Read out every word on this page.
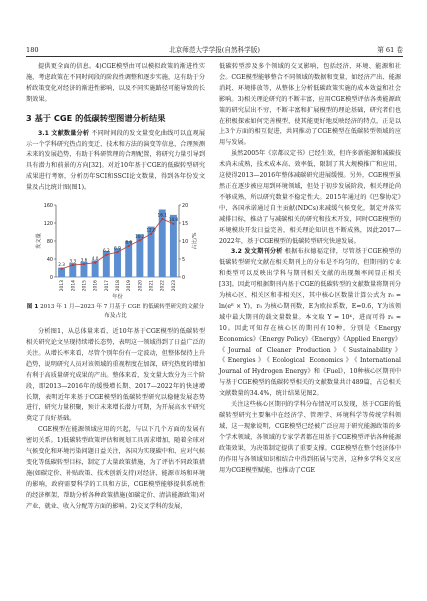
180	北京师范大学学报(自然科学版)	第 61 卷

提供更全面的信息。4)CGE模型由可以模拟政策的渐进性实施，考虑政策在不同时间段的阶段性调整和逐步实施，这有助于分析政策变化对经济的渐进性影响，以及不同实施路径可能导致的长期效果。

3 基于 CGE 的低碳转型图谱分析结果

3.1 文献数量分析 不同时间段的发文量变化曲线可以直观展示一个学科研究热点的变迁、技术和方法的演变等信息，合理预测未来的发展趋势，有助于科研管理的合理配置，将研究力量引导到具有潜力和前景的方向[32]。对近10年基于CGE的低碳转型研究成果进行考察，分析历年SCI和SSCI论文数量，得到各年份发文量及占比统计图(图1)。

0
40
80
120
160
0
5
10
15
20
2.3
3.3 3.6 4.0
6.2
6.9
8.6
10.2
12.0
16.1
14.8
2013 2014 2015 2016 2017 2018 2019 2020 2021 2022 2023
年份
发文量	占比/%
图 1 2013 年 1 月—2023 年 7 月基于 CGE 的低碳转型研究的文献分布及占比

分析图1，从总体量来看，近10年基于CGE模型的低碳转型相关研究论文呈现持续增长态势，表明这一领域得到了日益广泛的关注。从增长率来看，尽管个别年份有一定波动，但整体保持上升趋势，说明研究人员对该领域的重视程度在加深，研究热度的增加有利于高质量研究成果的产出。整体来看，发文量大致分为三个阶段，即2013—2016年的缓慢增长期、2017—2022年的快速增长期，表明近年来基于CGE模型的低碳转型研究以稳健发展态势进行，研究力量积聚，预计未来增长潜力可期，为开展高水平研究奠定了良好基础。

CGE模型在能源领域应用的兴起，与以下几个方面的发展有密切关系。1)低碳转型政策评估和规划工具需求增加，随着全球对气候变化和环境污染问题日益关注，各国为实现碳中和、应对气候变化等低碳转型目标，制定了大量政策措施，为了评估不同政策措施(如碳定价、补贴政策、技术创新支持)对经济、能源市场和环境的影响，政府需要科学的工具和方法，CGE模型能够提供系统性的经济框架，帮助分析各种政策措施(如碳定价、清洁能源政策)对产业、就业、收入分配等方面的影响。2)交叉学科的发展，

低碳转型涉及多个领域的交叉影响，包括经济、环境、能源和社会。CGE模型能够整合不同领域的数据和变量，如经济产出、能源消耗、环境排放等，从整体上分析低碳政策实施的成本效益和社会影响。3)相关理论研究的不断丰富，应用CGE模型评估各类能源政策的研究层出不穷，不断丰富和扩展模型的理论基础，研究者们也在积极探索如何完善模型，使其能更好地反映经济的特点，正是以上3个方面的相互促进，共同推动了CGE模型在低碳转型领域的应用与发展。

虽然2005年《京都议定书》已经生效，但许多新能源和减碳技术尚未成熟，技术成本高、效率低，限制了其大规模推广和应用，这使得2013—2016年整体减碳研究进展缓慢。另外，CGE模型虽然正在逐步被应用到环境领域，但处于初步发展阶段，相关理论尚不够成熟，所以研究数量不稳定性大。2015年通过的《巴黎协定》中，各国承诺通过自主贡献(NDCs)来减缓气候变化，制定并落实减排目标，推动了与减碳相关的研究和技术开发，同时CGE模型的环境模块开发日益完善，相关理论知识也不断成熟，因此2017—2022年，基于CGE模型的低碳转型研究快速发展。

3.2 发文期刊分析 根据布拉德福定律，尽管基于CGE模型的低碳转型研究文献在相关期刊上的分布是不均匀的，但期刊的专业和类型可以反映出学科与期刊相关文献的出现频率间显正相关[33]。因此可根据期刊内基于CGE的低碳转型的文献数量将期刊分为核心区、相关区和非相关区，其中核心区数量计算公式为 r₀ = ln(eᴱ × Y)，r₀ 为核心期刊数，E为欧拉系数，E=0.6，Y为该领域中最大期刊的载文量数量。本文取 Y = 10⁴，进而可得 r₀ ≈ 10。因此可知存在核心区的期刊有10种，分别是《Energy Economics》《Energy Policy》《Energy》《Applied Energy》《Journal of Cleaner Production》《Sustainability》《Energies》《Ecological Economics》《International Journal of Hydrogen Energy》和《Fuel》，10种核心区期刊中与基于CGE模型的低碳转型相关的文献数量共计489篇，占总相关文献数量的34.4%，统计结果见图2。

关注这些核心区期刊的学科分布情况可以发现，基于CGE的低碳转型研究主要集中在经济学、管理学、环境科学等传统学科领域，这一现象说明，CGE模型已经被广泛应用于研究能源政策的多个学术领域，各领域的专家学者都在用基于CGE模型评估各种能源政策效果，为决策制定提供了重要支撑。CGE模型在整个经济体中的作用与各领域知识相结合中得到拓展与完善，这种多学科交叉应用为CGE模型赋能，也推动了CGE
